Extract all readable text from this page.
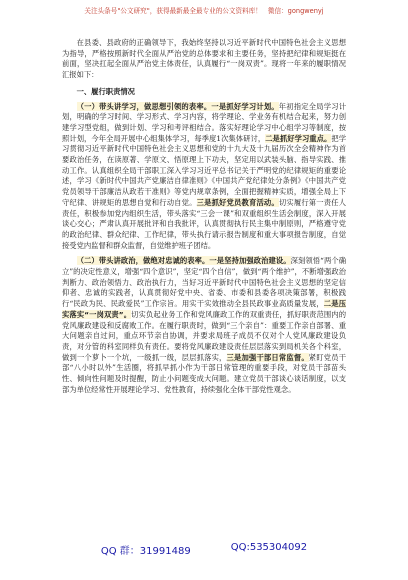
关注头条号"公文研究"，获得最新最全最专业的公文资料库！ 微信：gongwenyj

在县委、县政府的正确领导下，我始终坚持以习近平新时代中国特色社会主义思想为指导，严格按照新时代全面从严治党的总体要求和主要任务，坚持把纪律和规矩挺在前面，坚决扛起全面从严治党主体责任，认真履行“一岗双责”。现将一年来的履职情况汇报如下：

一、履行职责情况

（一）带头讲学习，做思想引领的表率。一是抓好学习计划。年初指定全局学习计划，明确的学习时间、学习形式、学习内容，将学理论、学业务有机结合起来，努力创建学习型党组，做到计划、学习和考评相结合。落实好理论学习中心组学习等制度，按照计划，今年全局开展中心组集体学习，每季度1次集体研讨，二是抓好学习重点。把学习贯彻习近平新时代中国特色社会主义思想和党的十九大及十九届历次全会精神作为首要政治任务，在读原著、学原文、悟原理上下功夫，坚定用以武装头脑、指导实践、推动工作。认真组织全局干部职工深入学习习近平总书记关于严明党的纪律规矩的重要论述，学习《新时代中国共产党廉洁自律准则》《中国共产党纪律处分条例》《中国共产党党员领导干部廉洁从政若干准则》等党内规章条例，全面把握精神实质，增强全局上下守纪律、讲规矩的思想自觉和行动自觉。三是抓好党员教育活动。切实履行第一责任人责任，积极参加党内组织生活，带头落实“三会一课”和双重组织生活会制度，深入开展谈心交心；严肃认真开展批评和自我批评，认真贯彻执行民主集中制原则，严格遵守党的政治纪律、群众纪律、工作纪律，带头执行请示报告制度和重大事项报告制度，自觉接受党内监督和群众监督，自觉维护班子团结。

（二）带头讲政治，做绝对忠诚的表率。一是坚持加强政治建设。深刻领悟“两个确立”的决定性意义，增强“四个意识”，坚定“四个自信”，做到“两个维护”，不断增强政治判断力、政治领悟力、政治执行力，当好习近平新时代中国特色社会主义思想的坚定信仰者、忠诚的实践者，认真贯彻好党中央、省委、市委和县委各项决策部署，积极践行“民政为民、民政爱民”工作宗旨。用实干实效推动全县民政事业高质量发展，二是压实落实“一岗双责”。切实负起业务工作和党风廉政工作的双重责任，抓好职责范围内的党风廉政建设和反腐败工作。在履行职责时，做到“三个亲自”：重要工作亲自部署、重大问题亲自过问，重点环节亲自协调，并要求局班子成员不仅对个人党风廉政建设负责，对分管的科室同样负有责任。要将党风廉政建设责任层层落实到局机关各个科室，做到一个萝卜一个坑，一级抓一级，层层抓落实，三是加强干部日常监督。紧盯党员干部“八小时以外”生活圈，将抓早抓小作为干部日常管理的重要手段，对党员干部苗头性、倾向性问题及时提醒，防止小问题变成大问题。建立党员干部谈心谈话制度，以支部为单位经常性开展理论学习、党性教育，持续强化全体干部党性观念。

QQ 群：31991489	QQ:535304092
